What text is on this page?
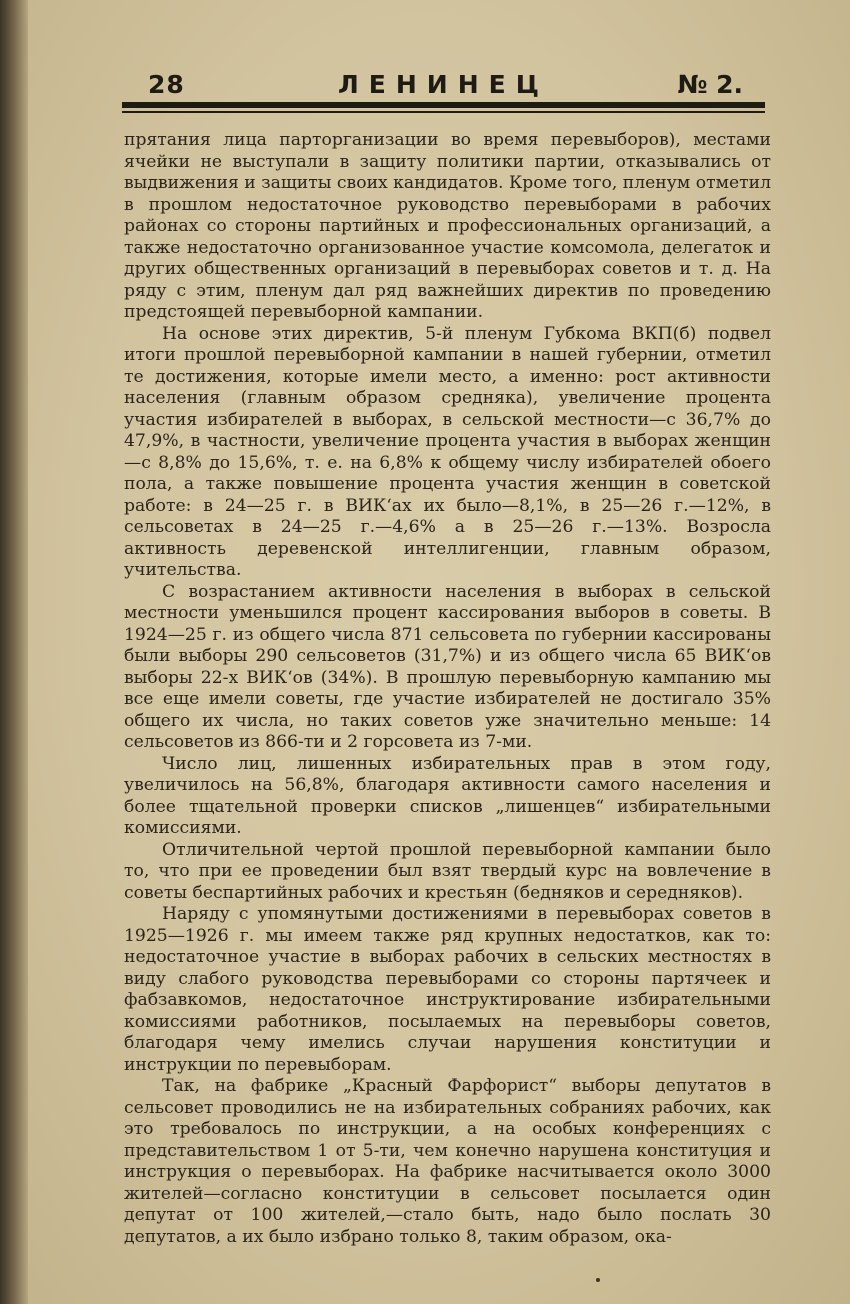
28	ЛЕНИНЕЦ	№ 2.

прятания лица парторганизации во время перевыборов), местами ячейки не выступали в защиту политики партии, отказывались от выдвижения и защиты своих кандидатов. Кроме того, пленум отметил в прошлом недостаточное руководство перевыборами в рабочих районах со стороны партийных и профессиональных организаций, а также недостаточно организованное участие комсомола, делегаток и других общественных организаций в перевыборах советов и т. д. На ряду с этим, пленум дал ряд важнейших директив по проведению предстоящей перевыборной кампании.

На основе этих директив, 5-й пленум Губкома ВКП(б) подвел итоги прошлой перевыборной кампании в нашей губернии, отметил те достижения, которые имели место, а именно: рост активности населения (главным образом средняка), увеличение процента участия избирателей в выборах, в сельской местности—с 36,7% до 47,9%, в частности, увеличение процента участия в выборах женщин—с 8,8% до 15,6%, т. е. на 6,8% к общему числу избирателей обоего пола, а также повышение процента участия женщин в советской работе: в 24—25 г. в ВИК‘ах их было—8,1%, в 25—26 г.—12%, в сельсоветах в 24—25 г.—4,6% а в 25—26 г.—13%. Возросла активность деревенской интеллигенции, главным образом, учительства.

С возрастанием активности населения в выборах в сельской местности уменьшился процент кассирования выборов в советы. В 1924—25 г. из общего числа 871 сельсовета по губернии кассированы были выборы 290 сельсоветов (31,7%) и из общего числа 65 ВИК‘ов выборы 22-х ВИК‘ов (34%). В прошлую перевыборную кампанию мы все еще имели советы, где участие избирателей не достигало 35% общего их числа, но таких советов уже значительно меньше: 14 сельсоветов из 866-ти и 2 горсовета из 7-ми.

Число лиц, лишенных избирательных прав в этом году, увеличилось на 56,8%, благодаря активности самого населения и более тщательной проверки списков „лишенцев“ избирательными комиссиями.

Отличительной чертой прошлой перевыборной кампании было то, что при ее проведении был взят твердый курс на вовлечение в советы беспартийных рабочих и крестьян (бедняков и середняков).

Наряду с упомянутыми достижениями в перевыборах советов в 1925—1926 г. мы имеем также ряд крупных недостатков, как то: недостаточное участие в выборах рабочих в сельских местностях в виду слабого руководства перевыборами со стороны партячеек и фабзавкомов, недостаточное инструктирование избирательными комиссиями работников, посылаемых на перевыборы советов, благодаря чему имелись случаи нарушения конституции и инструкции по перевыборам.

Так, на фабрике „Красный Фарфорист“ выборы депутатов в сельсовет проводились не на избирательных собраниях рабочих, как это требовалось по инструкции, а на особых конференциях с представительством 1 от 5-ти, чем конечно нарушена конституция и инструкция о перевыборах. На фабрике насчитывается около 3000 жителей—согласно конституции в сельсовет посылается один депутат от 100 жителей,—стало быть, надо было послать 30 депутатов, а их было избрано только 8, таким образом, ока-
